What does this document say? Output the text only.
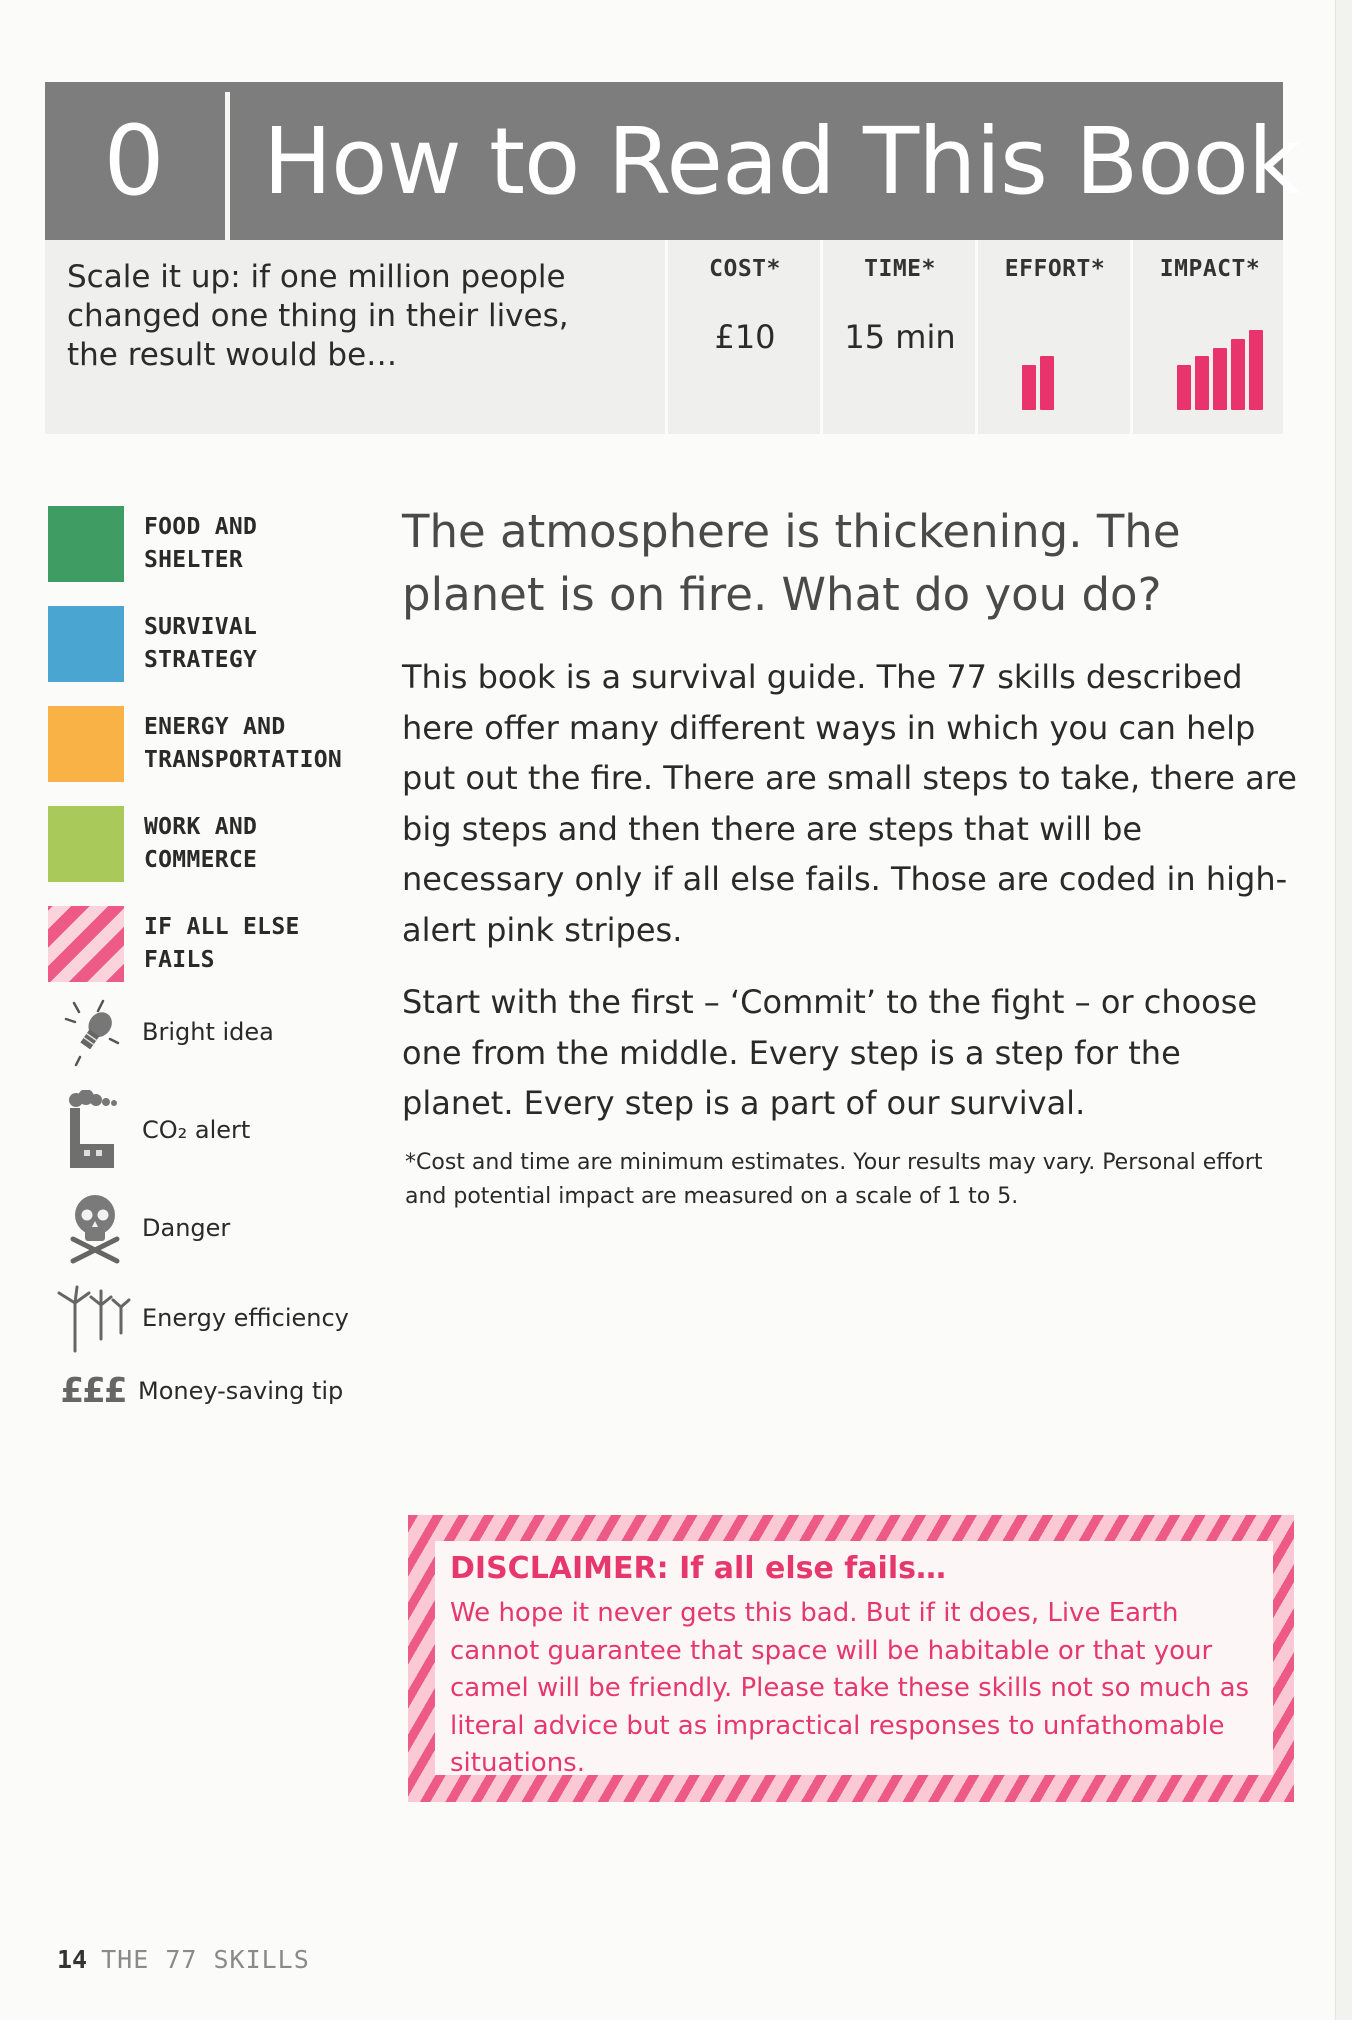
0	How to Read This Book
Scale it up: if one million people changed one thing in their lives, the result would be…
COST*
£10
TIME*
15 min
EFFORT*	IMPACT*
FOOD AND SHELTER
SURVIVAL STRATEGY
ENERGY AND TRANSPORTATION
WORK AND COMMERCE
IF ALL ELSE FAILS
Bright idea
CO₂ alert
Danger
Energy efficiency
£££ Money-saving tip
The atmosphere is thickening. The planet is on fire. What do you do?
This book is a survival guide. The 77 skills described here offer many different ways in which you can help put out the fire. There are small steps to take, there are big steps and then there are steps that will be necessary only if all else fails. Those are coded in high-alert pink stripes.
Start with the first – ‘Commit’ to the fight – or choose one from the middle. Every step is a step for the planet. Every step is a part of our survival.
*Cost and time are minimum estimates. Your results may vary. Personal effort and potential impact are measured on a scale of 1 to 5.
DISCLAIMER: If all else fails…
We hope it never gets this bad. But if it does, Live Earth cannot guarantee that space will be habitable or that your camel will be friendly. Please take these skills not so much as literal advice but as impractical responses to unfathomable situations.
14 THE 77 SKILLS
